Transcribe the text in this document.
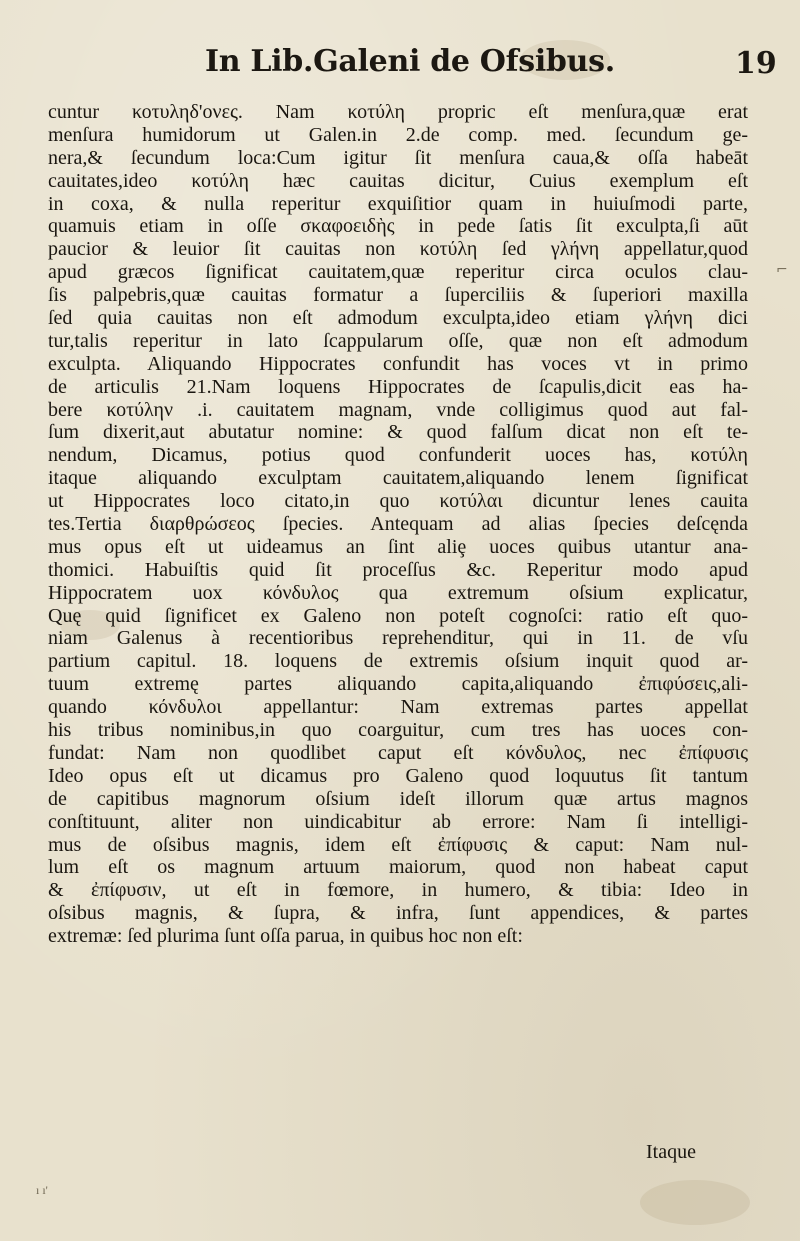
In Lib.Galeni de Ofsibus.	19
cuntur κοτυληδ'ονες. Nam κοτύλη propric eſt menſura,quæ erat
menſura humidorum ut Galen.in 2.de comp. med. ſecundum ge-
nera,& ſecundum loca:Cum igitur ſit menſura caua,& oſſa habeāt
cauitates,ideo κοτύλη hæc cauitas dicitur, Cuius exemplum eſt
in coxa, & nulla reperitur exquiſitior quam in huiuſmodi parte,
quamuis etiam in oſſe σκαφοειδὴς in pede ſatis ſit exculpta,ſi aūt
paucior & leuior ſit cauitas non κοτύλη ſed γλήνη appellatur,quod
apud græcos ſignificat cauitatem,quæ reperitur circa oculos clau-
ſis palpebris,quæ cauitas formatur a ſuperciliis & ſuperiori maxilla
ſed quia cauitas non eſt admodum exculpta,ideo etiam γλήνη dici
tur,talis reperitur in lato ſcappularum oſſe, quæ non eſt admodum
exculpta. Aliquando Hippocrates confundit has voces vt in primo
de articulis 21.Nam loquens Hippocrates de ſcapulis,dicit eas ha-
bere κοτύλην .i. cauitatem magnam, vnde colligimus quod aut fal-
ſum dixerit,aut abutatur nomine: & quod falſum dicat non eſt te-
nendum, Dicamus, potius quod confunderit uoces has, κοτύλη
itaque aliquando exculptam cauitatem,aliquando lenem ſignificat
ut Hippocrates loco citato,in quo κοτύλαι dicuntur lenes cauita
tes.Tertia διαρθρώσεος ſpecies. Antequam ad alias ſpecies deſcęnda
mus opus eſt ut uideamus an ſint aliȩ uoces quibus utantur ana-
thomici. Habuiſtis quid ſit proceſſus &c. Reperitur modo apud
Hippocratem uox κόνδυλος qua extremum oſsium explicatur,
Quę quid ſignificet ex Galeno non poteſt cognoſci: ratio eſt quo-
niam Galenus à recentioribus reprehenditur, qui in 11. de vſu
partium capitul. 18. loquens de extremis oſsium inquit quod ar-
tuum extremę partes aliquando capita,aliquando ἐπιφύσεις,ali-
quando κόνδυλοι appellantur: Nam extremas partes appellat
his tribus nominibus,in quo coarguitur, cum tres has uoces con-
fundat: Nam non quodlibet caput eſt κόνδυλος, nec ἐπίφυσις
Ideo opus eſt ut dicamus pro Galeno quod loquutus ſit tantum
de capitibus magnorum oſsium ideſt illorum quæ artus magnos
conſtituunt, aliter non uindicabitur ab errore: Nam ſi intelligi-
mus de oſsibus magnis, idem eſt ἐπίφυσις & caput: Nam nul-
lum eſt os magnum artuum maiorum, quod non habeat caput
& ἐπίφυσιν, ut eſt in fœmore, in humero, & tibia: Ideo in
oſsibus magnis, & ſupra, & infra, ſunt appendices, & partes
extremæ: ſed plurima ſunt oſſa parua, in quibus hoc non eſt:
Itaque
⌐
ı ı'
